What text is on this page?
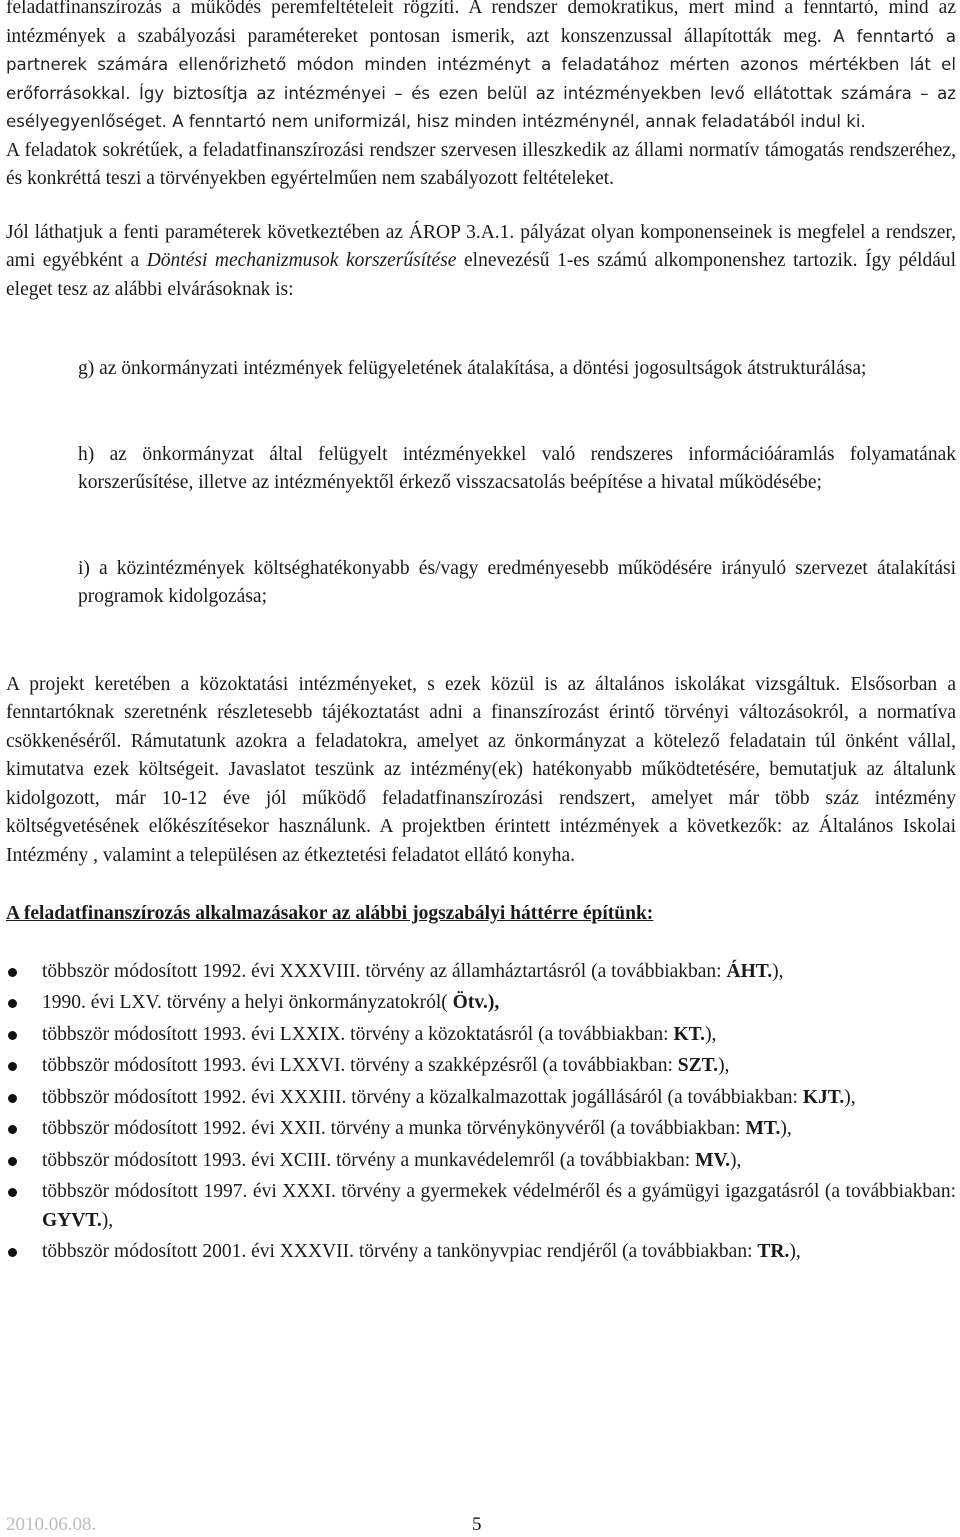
feladatfinanszírozás a működés peremfeltételeit rögzíti. A rendszer demokratikus, mert mind a fenntartó, mind az intézmények a szabályozási paramétereket pontosan ismerik, azt konszenzussal állapították meg. A fenntartó a partnerek számára ellenőrizhető módon minden intézményt a feladatához mérten azonos mértékben lát el erőforrásokkal. Így biztosítja az intézményei – és ezen belül az intézményekben levő ellátottak számára – az esélyegyenlőséget. A fenntartó nem uniformizál, hisz minden intézménynél, annak feladatából indul ki.

A feladatok sokrétűek, a feladatfinanszírozási rendszer szervesen illeszkedik az állami normatív támogatás rendszeréhez, és konkréttá teszi a törvényekben egyértelműen nem szabályozott feltételeket.

Jól láthatjuk a fenti paraméterek következtében az ÁROP 3.A.1. pályázat olyan komponenseinek is megfelel a rendszer, ami egyébként a Döntési mechanizmusok korszerűsítése elnevezésű 1-es számú alkomponenshez tartozik. Így például eleget tesz az alábbi elvárásoknak is:

g) az önkormányzati intézmények felügyeletének átalakítása, a döntési jogosultságok átstrukturálása;

h) az önkormányzat által felügyelt intézményekkel való rendszeres információáramlás folyamatának korszerűsítése, illetve az intézményektől érkező visszacsatolás beépítése a hivatal működésébe;

i) a közintézmények költséghatékonyabb és/vagy eredményesebb működésére irányuló szervezet átalakítási programok kidolgozása;

A projekt keretében a közoktatási intézményeket, s ezek közül is az általános iskolákat vizsgáltuk. Elsősorban a fenntartóknak szeretnénk részletesebb tájékoztatást adni a finanszírozást érintő törvényi változásokról, a normatíva csökkenéséről. Rámutatunk azokra a feladatokra, amelyet az önkormányzat a kötelező feladatain túl önként vállal, kimutatva ezek költségeit. Javaslatot teszünk az intézmény(ek) hatékonyabb működtetésére, bemutatjuk az általunk kidolgozott, már 10-12 éve jól működő feladatfinanszírozási rendszert, amelyet már több száz intézmény költségvetésének előkészítésekor használunk. A projektben érintett intézmények a következők: az Általános Iskolai Intézmény , valamint a településen az étkeztetési feladatot ellátó konyha.

A feladatfinanszírozás alkalmazásakor az alábbi jogszabályi háttérre építünk:

többször módosított 1992. évi XXXVIII. törvény az államháztartásról (a továbbiakban: ÁHT.),
1990. évi LXV. törvény a helyi önkormányzatokról( Ötv.),
többször módosított 1993. évi LXXIX. törvény a közoktatásról (a továbbiakban: KT.),
többször módosított 1993. évi LXXVI. törvény a szakképzésről (a továbbiakban: SZT.),
többször módosított 1992. évi XXXIII. törvény a közalkalmazottak jogállásáról (a továbbiakban: KJT.),
többször módosított 1992. évi XXII. törvény a munka törvénykönyvéről (a továbbiakban: MT.),
többször módosított 1993. évi XCIII. törvény a munkavédelemről (a továbbiakban: MV.),
többször módosított 1997. évi XXXI. törvény a gyermekek védelméről és a gyámügyi igazgatásról (a továbbiakban: GYVT.),
többször módosított 2001. évi XXXVII. törvény a tankönyvpiac rendjéről (a továbbiakban: TR.),
2010.06.08.	5
